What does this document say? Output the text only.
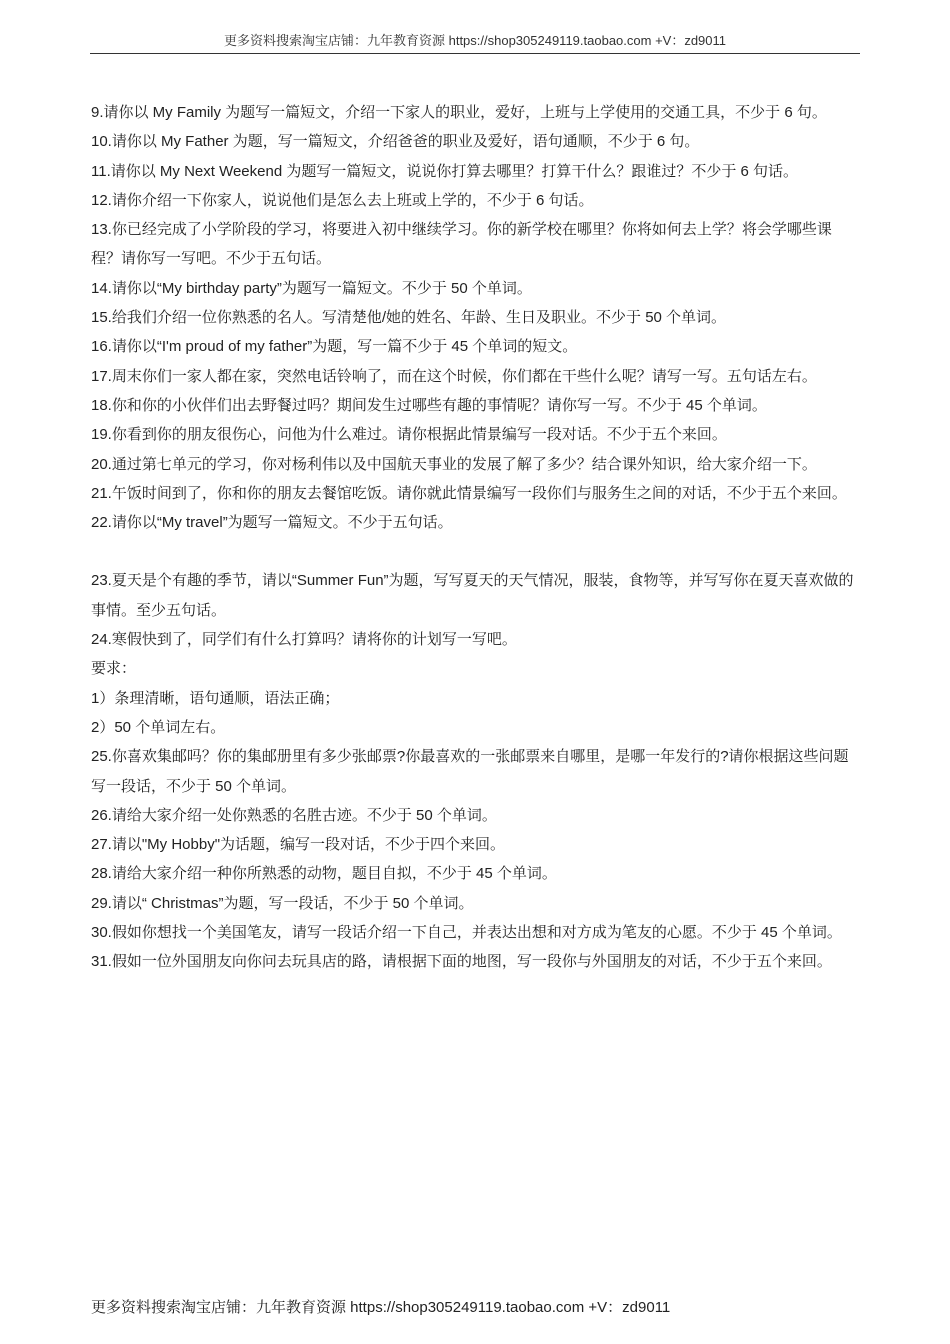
更多资料搜索淘宝店铺：九年教育资源 https://shop305249119.taobao.com +V：zd9011

9.请你以 My Family 为题写一篇短文，介绍一下家人的职业，爱好，上班与上学使用的交通工具，不少于 6 句。

10.请你以 My Father 为题，写一篇短文，介绍爸爸的职业及爱好，语句通顺，不少于 6 句。

11.请你以 My Next Weekend 为题写一篇短文，说说你打算去哪里？打算干什么？跟谁过？不少于 6 句话。

12.请你介绍一下你家人，说说他们是怎么去上班或上学的，不少于 6 句话。

13.你已经完成了小学阶段的学习，将要进入初中继续学习。你的新学校在哪里？你将如何去上学？将会学哪些课程？请你写一写吧。不少于五句话。

14.请你以“My birthday party”为题写一篇短文。不少于 50 个单词。

15.给我们介绍一位你熟悉的名人。写清楚他/她的姓名、年龄、生日及职业。不少于 50 个单词。

16.请你以“I'm proud of my father”为题，写一篇不少于 45 个单词的短文。

17.周末你们一家人都在家，突然电话铃响了，而在这个时候，你们都在干些什么呢？请写一写。五句话左右。

18.你和你的小伙伴们出去野餐过吗？期间发生过哪些有趣的事情呢？请你写一写。不少于 45 个单词。

19.你看到你的朋友很伤心，问他为什么难过。请你根据此情景编写一段对话。不少于五个来回。

20.通过第七单元的学习，你对杨利伟以及中国航天事业的发展了解了多少？结合课外知识，给大家介绍一下。

21.午饭时间到了，你和你的朋友去餐馆吃饭。请你就此情景编写一段你们与服务生之间的对话，不少于五个来回。

22.请你以“My travel”为题写一篇短文。不少于五句话。

23.夏天是个有趣的季节，请以“Summer Fun”为题，写写夏天的天气情况，服装，食物等，并写写你在夏天喜欢做的事情。至少五句话。

24.寒假快到了，同学们有什么打算吗？请将你的计划写一写吧。

要求：

1）条理清晰，语句通顺，语法正确；

2）50 个单词左右。

25.你喜欢集邮吗？你的集邮册里有多少张邮票?你最喜欢的一张邮票来自哪里，是哪一年发行的?请你根据这些问题写一段话，不少于 50 个单词。

26.请给大家介绍一处你熟悉的名胜古迹。不少于 50 个单词。

27.请以"My Hobby"为话题，编写一段对话，不少于四个来回。

28.请给大家介绍一种你所熟悉的动物，题目自拟，不少于 45 个单词。

29.请以“ Christmas”为题，写一段话，不少于 50 个单词。

30.假如你想找一个美国笔友，请写一段话介绍一下自己，并表达出想和对方成为笔友的心愿。不少于 45 个单词。

31.假如一位外国朋友向你问去玩具店的路，请根据下面的地图，写一段你与外国朋友的对话，不少于五个来回。

更多资料搜索淘宝店铺：九年教育资源 https://shop305249119.taobao.com +V：zd9011
